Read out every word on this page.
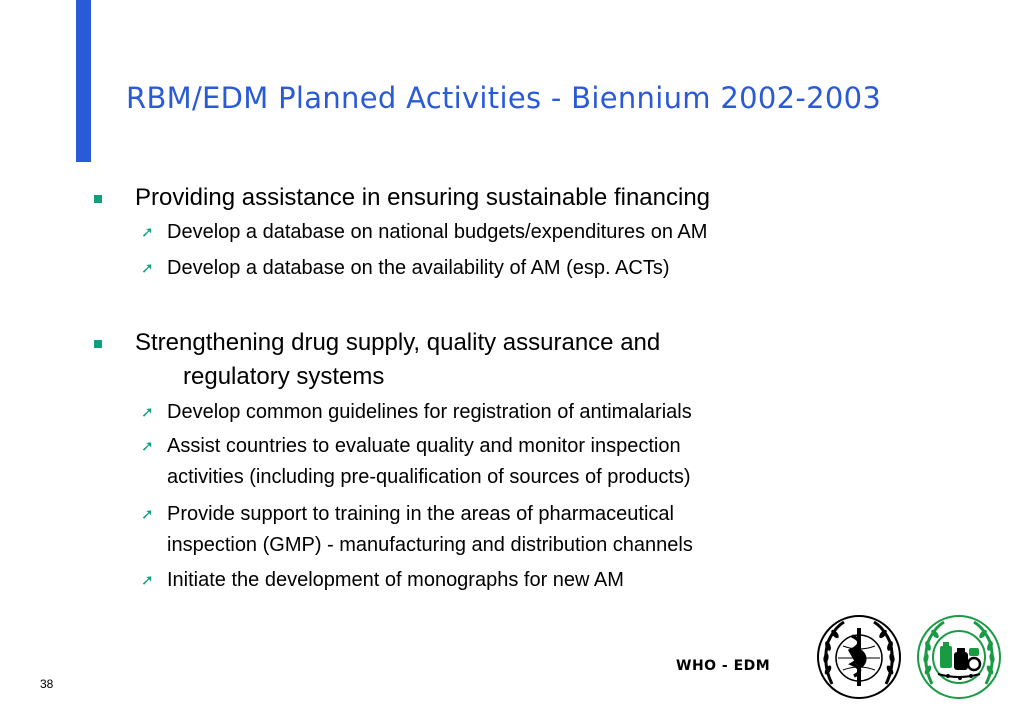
RBM/EDM Planned Activities - Biennium 2002-2003
Providing assistance in ensuring sustainable financing
➚ Develop a database on national budgets/expenditures on AM
➚ Develop a database on the availability of AM (esp. ACTs)
Strengthening drug supply, quality assurance and
regulatory systems
➚ Develop common guidelines for registration of antimalarials
➚ Assist countries to evaluate quality and monitor inspection
activities (including pre-qualification of sources of products)
➚ Provide support to training in the areas of pharmaceutical
inspection (GMP) - manufacturing and distribution channels
➚ Initiate the development of monographs for new AM
WHO - EDM
38
